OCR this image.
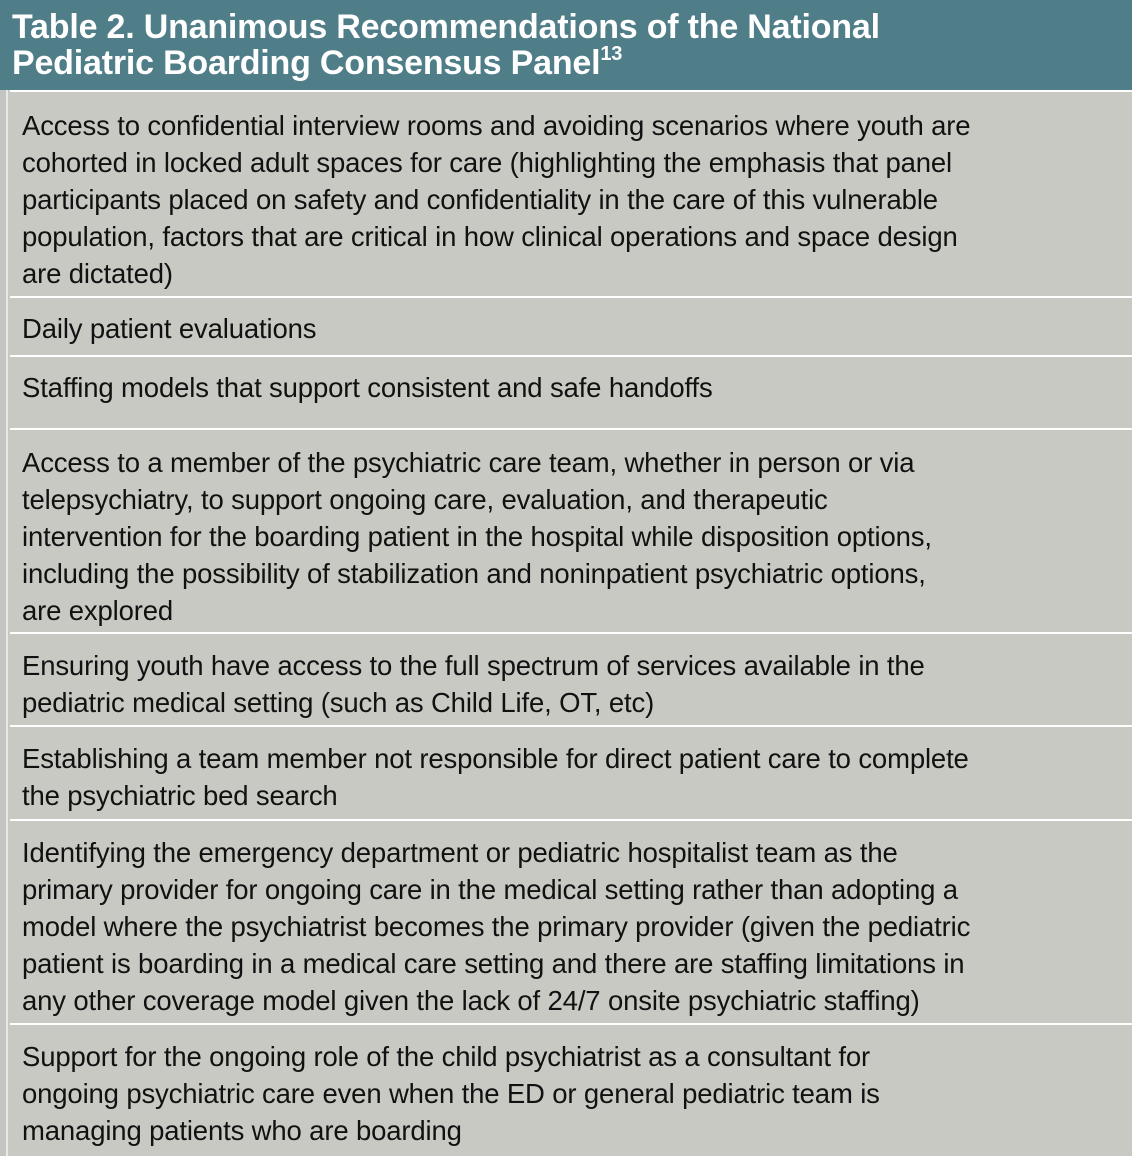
Table 2. Unanimous Recommendations of the National
Pediatric Boarding Consensus Panel$^{13}$
Access to confidential interview rooms and avoiding scenarios where youth are
cohorted in locked adult spaces for care (highlighting the emphasis that panel
participants placed on safety and confidentiality in the care of this vulnerable
population, factors that are critical in how clinical operations and space design
are dictated)
Daily patient evaluations
Staffing models that support consistent and safe handoffs
Access to a member of the psychiatric care team, whether in person or via
telepsychiatry, to support ongoing care, evaluation, and therapeutic
intervention for the boarding patient in the hospital while disposition options,
including the possibility of stabilization and noninpatient psychiatric options,
are explored
Ensuring youth have access to the full spectrum of services available in the
pediatric medical setting (such as Child Life, OT, etc)
Establishing a team member not responsible for direct patient care to complete
the psychiatric bed search
Identifying the emergency department or pediatric hospitalist team as the
primary provider for ongoing care in the medical setting rather than adopting a
model where the psychiatrist becomes the primary provider (given the pediatric
patient is boarding in a medical care setting and there are staffing limitations in
any other coverage model given the lack of 24/7 onsite psychiatric staffing)
Support for the ongoing role of the child psychiatrist as a consultant for
ongoing psychiatric care even when the ED or general pediatric team is
managing patients who are boarding
